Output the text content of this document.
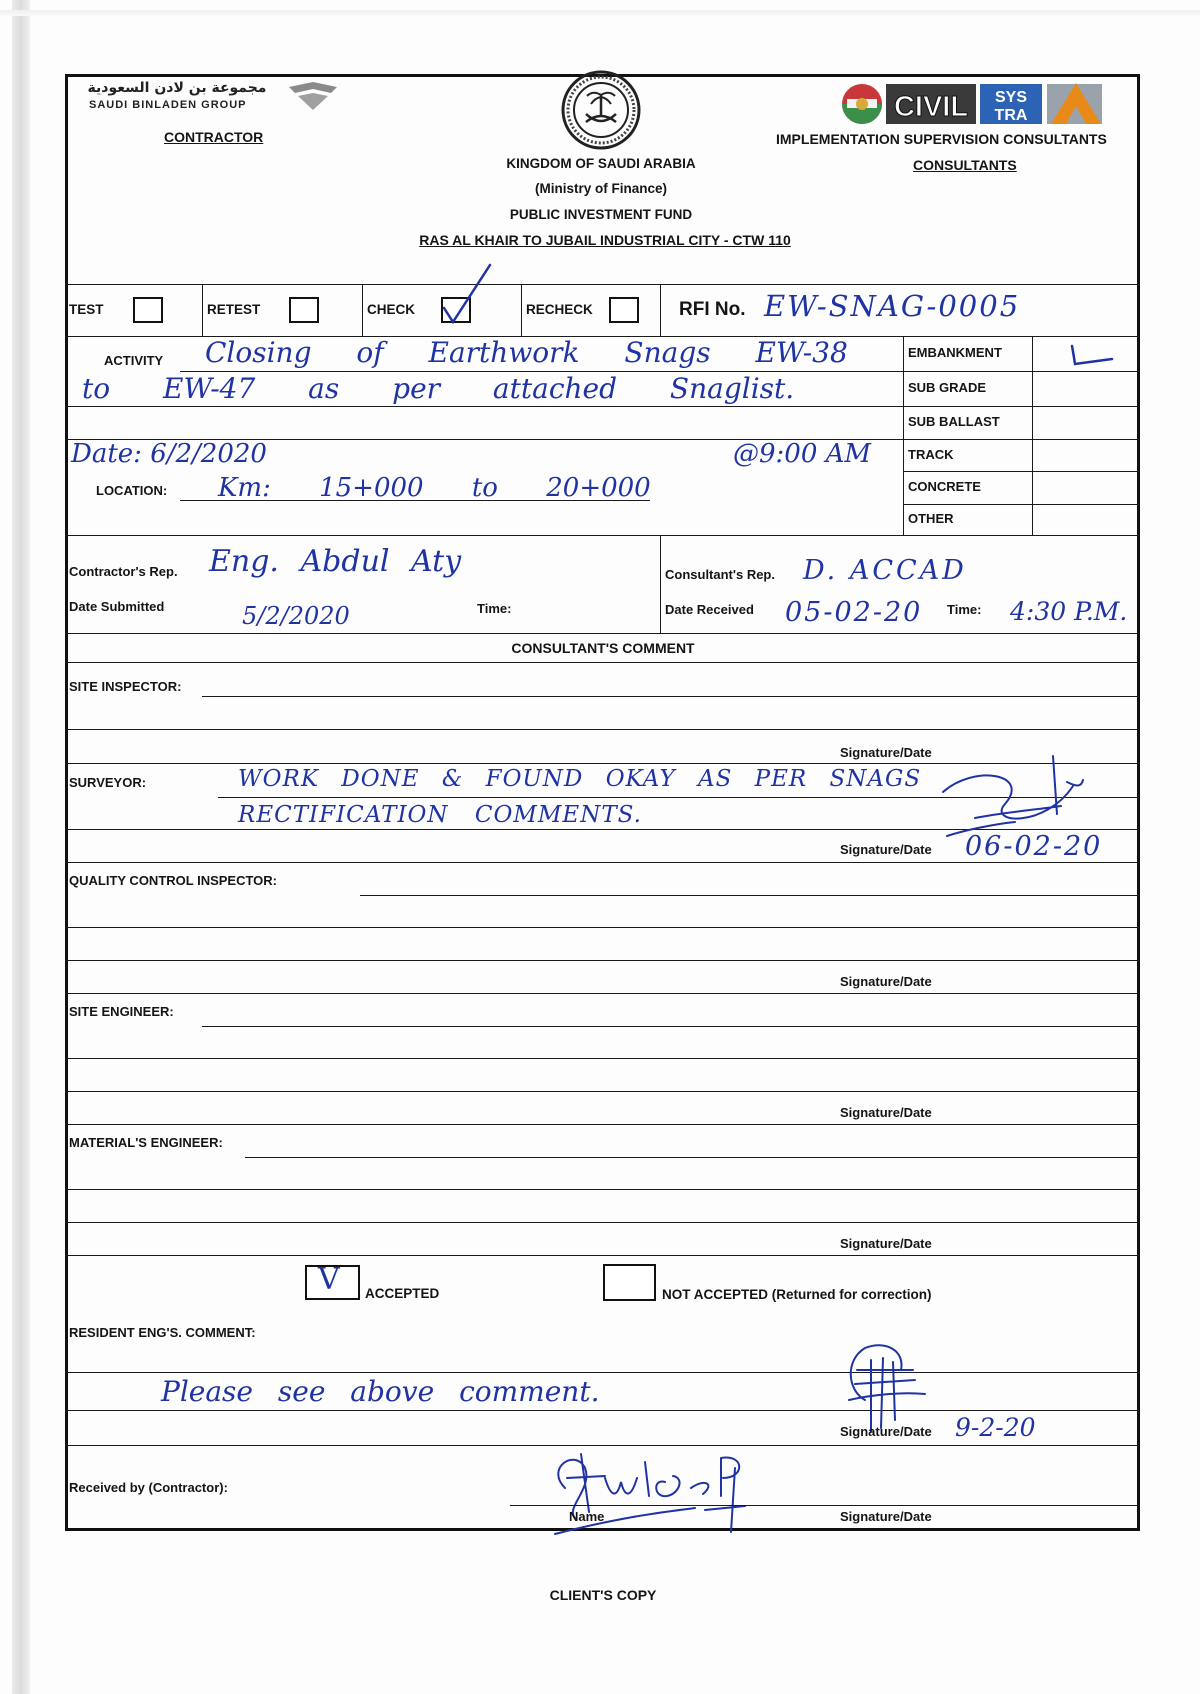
مجموعة بن لادن السعودية
SAUDI BINLADEN GROUP
CONTRACTOR
KINGDOM OF SAUDI ARABIA
(Ministry of Finance)
PUBLIC INVESTMENT FUND
RAS AL KHAIR TO JUBAIL INDUSTRIAL CITY - CTW 110
CIVIL SYS
TRA
IMPLEMENTATION SUPERVISION CONSULTANTS
CONSULTANTS
TEST	RETEST	CHECK	RECHECK	RFI No. EW-SNAG-0005
ACTIVITY Closing of Earthwork Snags EW-38
to EW-47 as per attached Snaglist.
Date: 6/2/2020	@9:00 AM
LOCATION: Km: 15+000 to 20+000
EMBANKMENT
SUB GRADE
SUB BALLAST
TRACK
CONCRETE
OTHER
Contractor's Rep. Eng. Abdul Aty
Date Submitted	5/2/2020	Time:
Consultant's Rep. D. ACCAD
Date Received 05-02-20 Time: 4:30 P.M.
CONSULTANT'S COMMENT
SITE INSPECTOR:
Signature/Date
SURVEYOR:	WORK DONE & FOUND OKAY AS PER SNAGS
RECTIFICATION COMMENTS.
Signature/Date 06-02-20
QUALITY CONTROL INSPECTOR:
Signature/Date
SITE ENGINEER:
Signature/Date
MATERIAL'S ENGINEER:
Signature/Date
V ACCEPTED	NOT ACCEPTED (Returned for correction)
RESIDENT ENG'S. COMMENT:
Please see above comment.
Signature/Date 9-2-20
Received by (Contractor):
Name	Signature/Date
CLIENT'S COPY
